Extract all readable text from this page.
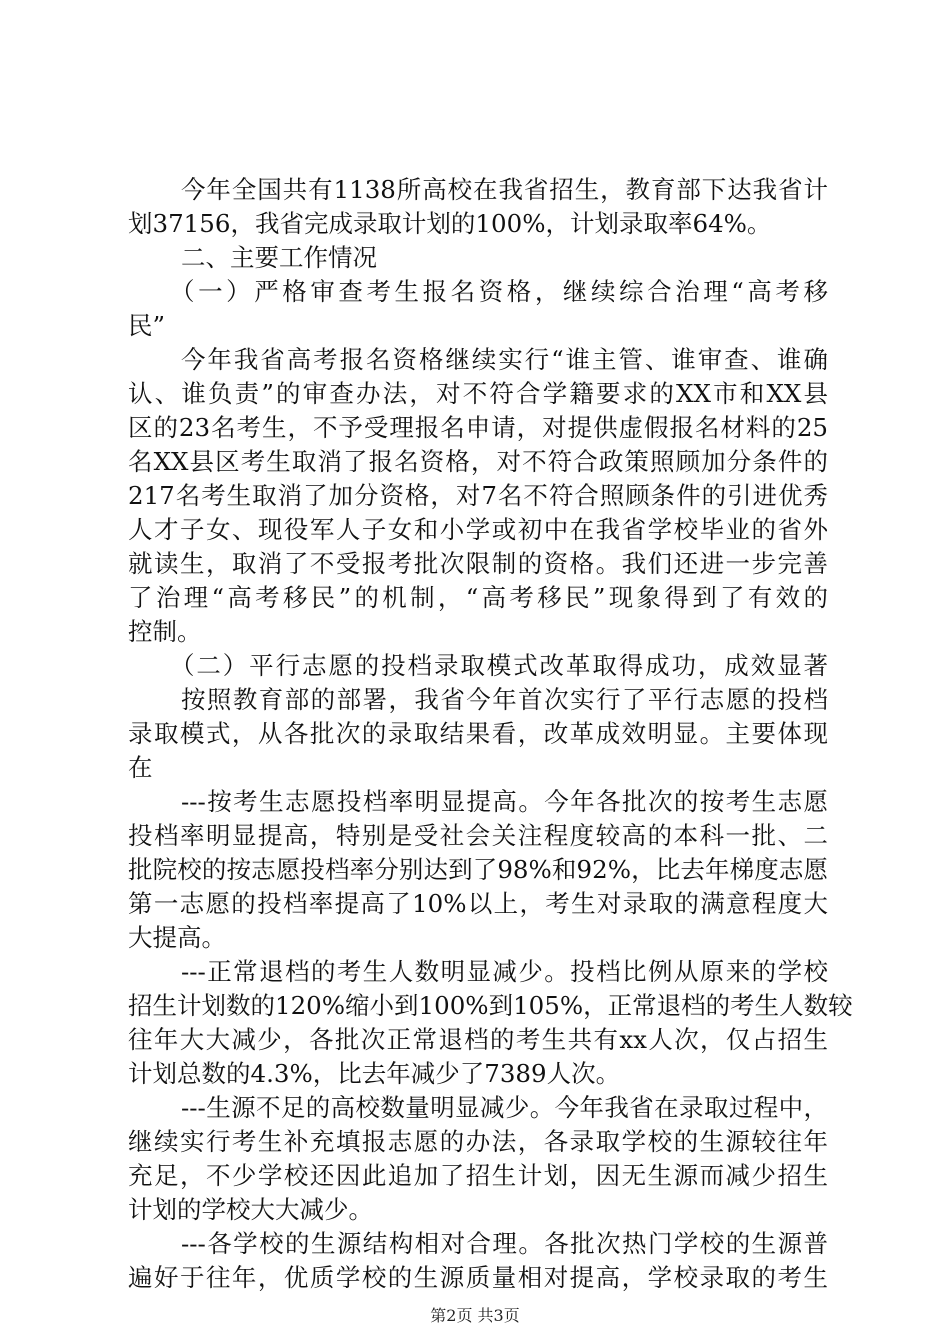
今年全国共有1138所高校在我省招生，教育部下达我省计
划37156，我省完成录取计划的100%，计划录取率64%。
二、主要工作情况
（一）严格审查考生报名资格，继续综合治理“高考移
民”
今年我省高考报名资格继续实行“谁主管、谁审查、谁确
认、谁负责”的审查办法，对不符合学籍要求的XX市和XX县
区的23名考生，不予受理报名申请，对提供虚假报名材料的25
名XX县区考生取消了报名资格，对不符合政策照顾加分条件的
217名考生取消了加分资格，对7名不符合照顾条件的引进优秀
人才子女、现役军人子女和小学或初中在我省学校毕业的省外
就读生，取消了不受报考批次限制的资格。我们还进一步完善
了治理“高考移民”的机制，“高考移民”现象得到了有效的
控制。
（二）平行志愿的投档录取模式改革取得成功，成效显著
按照教育部的部署，我省今年首次实行了平行志愿的投档
录取模式，从各批次的录取结果看，改革成效明显。主要体现
在
---按考生志愿投档率明显提高。今年各批次的按考生志愿
投档率明显提高，特别是受社会关注程度较高的本科一批、二
批院校的按志愿投档率分别达到了98%和92%，比去年梯度志愿
第一志愿的投档率提高了10%以上，考生对录取的满意程度大
大提高。
---正常退档的考生人数明显减少。投档比例从原来的学校
招生计划数的120%缩小到100%到105%，正常退档的考生人数较
往年大大减少，各批次正常退档的考生共有xx人次，仅占招生
计划总数的4.3%，比去年减少了7389人次。
---生源不足的高校数量明显减少。今年我省在录取过程中，
继续实行考生补充填报志愿的办法，各录取学校的生源较往年
充足，不少学校还因此追加了招生计划，因无生源而减少招生
计划的学校大大减少。
---各学校的生源结构相对合理。各批次热门学校的生源普
遍好于往年，优质学校的生源质量相对提高，学校录取的考生
第2页 共3页
